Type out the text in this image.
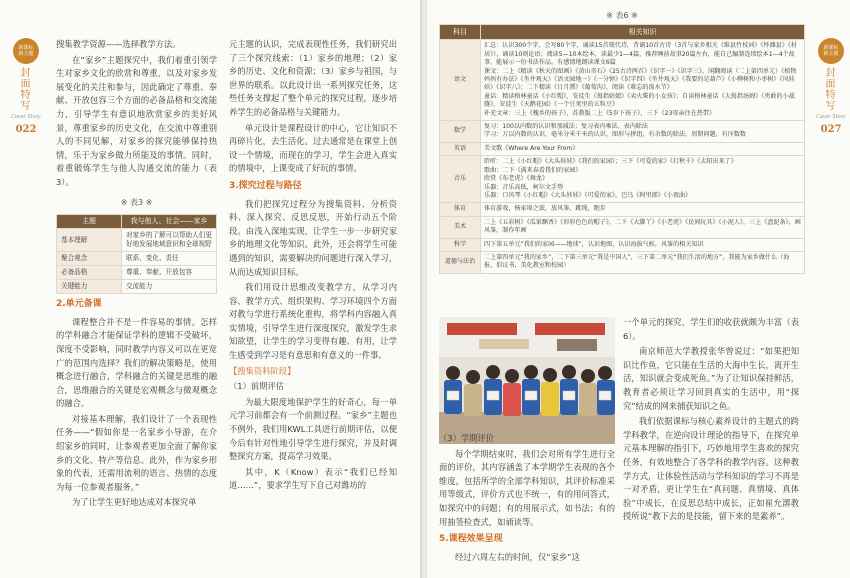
新课标
新主题
封面特写
Cover Story
022

搜集教学资源——选择教学方法。

在“家乡”主题探究中，我们着重引领学生对家乡文化的欣赏和尊重，以及对家乡发展变化的关注和参与，因此确定了尊重、奉献、开放包容三个方面的必备品格和交流能力，引导学生有意识地欣赏家乡的美好风景，尊重家乡的历史文化，在交流中尊重别人的不同见解，对家乡的探究能够保持热情，乐于为家乡做力所能及的事情。同时，着重锻炼学生与他人沟通交流的能力（表3）。

※ 表3 ※
主题	我与他人、社会——家乡
基本理解	对家乡的了解可以帮助人们更好地发展地域意识和全球视野
聚合观念	联系、变化、责任
必备品格	尊重、奉献、开放包容
关键能力	交流能力
2.单元备课

课程整合并不是一件容易的事情。怎样的学科融合才能保证学科的逻辑不受破坏，深度不受影响，同时教学内容又可以在更宽广的范围内选择？我们的解决策略是，使用概念进行融合，学科融合的关键是思维的融合，思维融合的关键是宏观概念与微观概念的融合。

对接基本理解，我们设计了一个表现性任务——“假如你是一名家乡小导游，在介绍家乡的同时，让参观者更加全面了解你家乡的文化、特产等信息。此外，作为家乡形象的代表，还需用流利的语言、热情的态度为每一位参观者服务。”

为了让学生更好地达成对本探究单

元主题的认识，完成表现性任务，我们研究出了三个探究线索：（1）家乡的地理；（2）家乡的历史、文化和资源；（3）家乡与祖国，与世界的联系。以此设计出一系列探究任务，这些任务支撑起了整个单元的探究过程，逐步培养学生的必备品格与关键能力。

单元设计是课程设计的中心，它让知识不再碎片化，去生活化。过去通常是在课堂上创设一个情境，而现在的学习，学生会进入真实的情境中，上课变成了好玩的事情。

3.探究过程与路径

我们把探究过程分为搜集资料、分析资料、深入探究、反思反思，开始行动五个阶段。由浅入深地实现，让学生一步一步研究家乡的地理文化等知识。此外，还会将学生可能遇到的知识，需要解决的问题进行深入学习，从而达成知识目标。

我们用设计思维改变教学方，从学习内容、教学方式、组织架构、学习环境四个方面对教与学进行系统化重构，将学科内容融入真实情境，引导学生进行深度探究，激发学生求知欲望，让学生的学习变得有趣、有用，让学生感受到学习是有意思和有意义的一件事。

【搜集资料阶段】

（1）前期评估

为最大限度地保护学生的好奇心，每一单元学习前都会有一个前测过程。“家乡”主题也不例外，我们用KWL工具进行前期评估，以便今后有针对性地引导学生进行探究，并及时调整探究方案，提高学习效果。

其中，K（Know）表示“我们已经知道……”，要求学生写下自己对潍坊的

※ 表6 ※
科目	相关知识
语文	汇总：认识300个字，会写80个字，诵读15首现代诗，背诵10首古诗（3首与家乡相关《维县竹枝词》《怀潍县》《村居》），诵读10则论语；阅读5—10本绘本，读最少1—4篇，推荐睡前故事20篇左右，能自己编制连续绘本1—4个故事，能展示一份书法作品。有感情地朗读课文6篇
课文：二上《精读《秋天的图画》《黄山奇石》《25古诗两首》《识字一》《识字三》，闲翻阅读（二上第四单元）《植物妈妈有办法》《坐井观天》《语文园地一》《一分钟》《识字四》《坐井观天》《我要的是葫芦》《小柳树和小枣树》《风娃娃》《识字八》；二下精读《日月潭》《葡萄沟》，阅读《难忘的泼水节》
童话：精读格林童话《小红帽》，安徒生《拇指姑娘》《卖火柴的小女孩》；自读格林童话《大拇指汤姆》《勇敢的小裁缝》，安徒生《天鹅花园》《一个豆荚里的五粒豆》
补充文章：三上《槐乡的孩子》，苏教版二上《5岁下孩子》，三下《23母亲住在热带》
数学	复习：100以内数的认识和加减法；复习表内乘法、表内除法
学习：万以内数的认识，毫米分米千米的认识，图形与拼组，有余数的除法，周期问题，有序数数
英语	美文歌《Where Are Your From》
音乐	聆听：二上《小红帽》《大头娃娃》《我们的家园》；三下《可爱的家》《打秋千》《太阳出来了》
歌曲：二下《满来春看我们的家园》
欣赏《布老虎》《舞龙》
乐器：音乐高低，柯尔文手势
乐器：口风琴《小红帽》《大头娃娃》《可爱的家》，巴乌《阿里郎》《小夜曲》
体育	体育游戏，杨家埠之旅，放风筝，跳绳，跑步
美术	二上《五彩树》《瓜果飘香》《形形色色的帽子》，二下《大脚丫》《小老虎》《民间玩具》《小泥人》，三上《盘泥条》，画风筝，制作年画
科学	四下第五单元“我们的家园——地球”，认识地图，认识海拔气候，风筝的相关知识
道德与法治	二上第四单元“我的家乡”，二下第三单元“我是中国人”，三下第二单元“我们生活的地方”，我能为家乡做什么（海报，倡议书，美化教室和校园）
新课标
新主题
封面特写
Cover Story
027

（3）学期评价

每个学期结束时，我们会对所有学生进行全面的评价，其内容涵盖了本学期学生表现的各个维度，包括所学的全部学科知识，其评价标准采用等级式，评价方式也不统一，有的用问答式，如探究中的问题；有的用展示式，如书法；有的用抽签检查式，如诵读等。

5.课程效果呈现

经过六周左右的时间，仅“家乡”这

一个单元的探究，学生们的收获就颇为丰富（表6）。

南京师范大学教授张华曾说过：“如果把知识比作鱼，它只能在生活的大海中生长，离开生活，知识就会变成死鱼。”为了让知识保持鲜活，教育者必须让学习回到真实的生活中，用“探究”结成的网来捕获知识之鱼。

我们依据课标与核心素养设计的主题式的跨学科教学，在逆向设计理论的指导下，在探究单元基本理解的指引下，巧妙地用学生喜欢的探究任务，有效地整合了各学科的教学内容。这种教学方式，让体验性活动与学科知识的学习不再是一对矛盾，更让学生在“真问题、真情境、真体验”中成长，在反思总结中成长，正如崔允漷教授所说“教下去的是技能，留下来的是素养”。
